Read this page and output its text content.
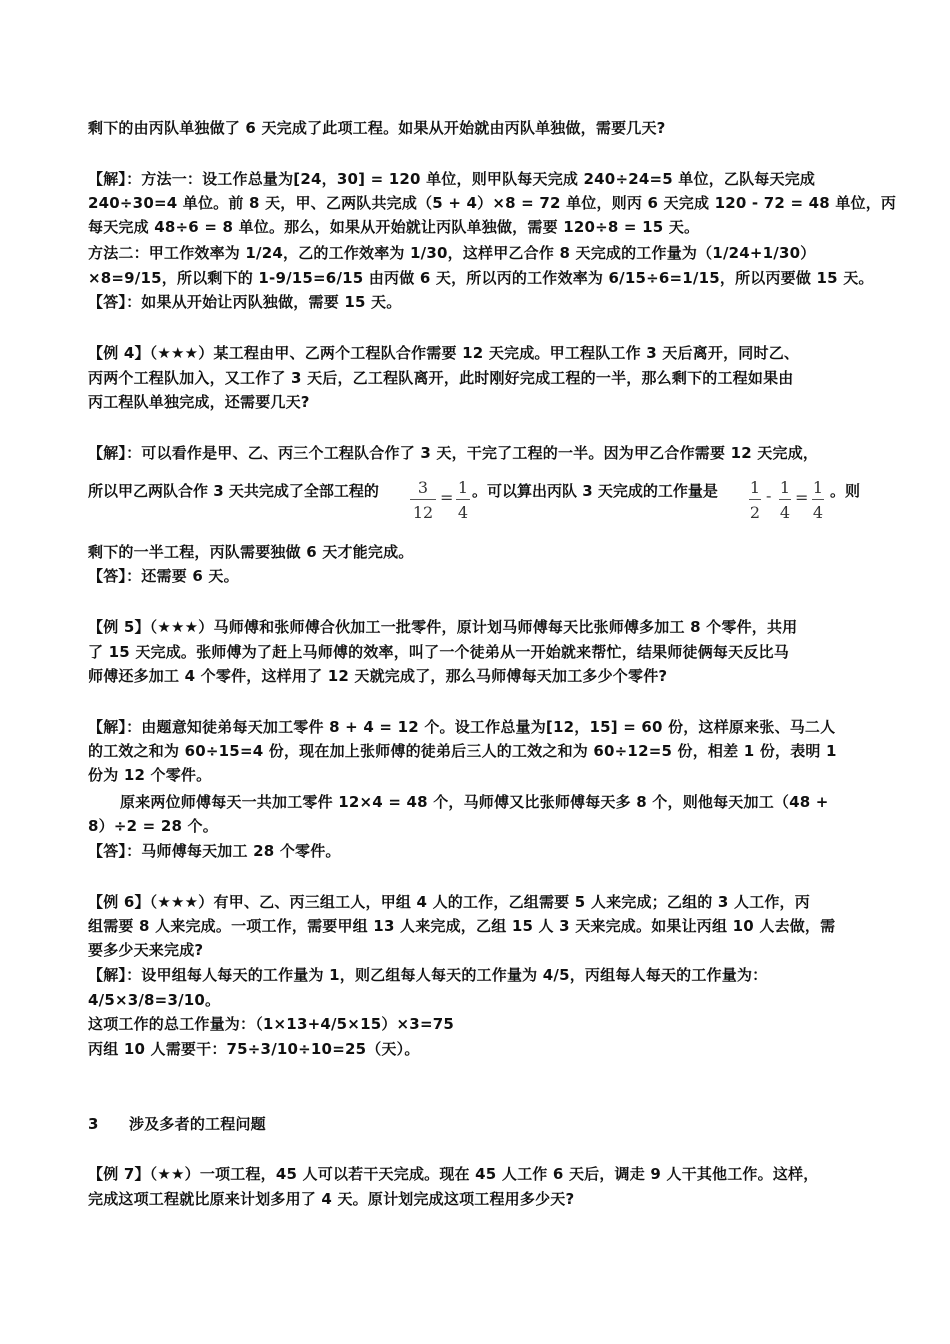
剩下的由丙队单独做了 6 天完成了此项工程。如果从开始就由丙队单独做，需要几天?
【解】：方法一：设工作总量为[24，30] = 120 单位，则甲队每天完成 240÷24=5 单位，乙队每天完成
240÷30=4 单位。前 8 天，甲、乙两队共完成（5 + 4）×8 = 72 单位，则丙 6 天完成 120 - 72 = 48 单位，丙
每天完成 48÷6 = 8 单位。那么，如果从开始就让丙队单独做，需要 120÷8 = 15 天。
方法二：甲工作效率为 1/24，乙的工作效率为 1/30，这样甲乙合作 8 天完成的工作量为（1/24+1/30）
×8=9/15，所以剩下的 1-9/15=6/15 由丙做 6 天，所以丙的工作效率为 6/15÷6=1/15，所以丙要做 15 天。
【答】：如果从开始让丙队独做，需要 15 天。
【例 4】（★★★）某工程由甲、乙两个工程队合作需要 12 天完成。甲工程队工作 3 天后离开，同时乙、
丙两个工程队加入，又工作了 3 天后，乙工程队离开，此时刚好完成工程的一半，那么剩下的工程如果由
丙工程队单独完成，还需要几天?
【解】：可以看作是甲、乙、丙三个工程队合作了 3 天，干完了工程的一半。因为甲乙合作需要 12 天完成，
所以甲乙两队合作 3 天共完成了全部工程的	3
12
=
1
4
。可以算出丙队 3 天完成的工作量是 1
2
- 1
4
=
1
4
。则
剩下的一半工程，丙队需要独做 6 天才能完成。
【答】：还需要 6 天。
【例 5】（★★★）马师傅和张师傅合伙加工一批零件，原计划马师傅每天比张师傅多加工 8 个零件，共用
了 15 天完成。张师傅为了赶上马师傅的效率，叫了一个徒弟从一开始就来帮忙，结果师徒俩每天反比马
师傅还多加工 4 个零件，这样用了 12 天就完成了，那么马师傅每天加工多少个零件?
【解】：由题意知徒弟每天加工零件 8 + 4 = 12 个。设工作总量为[12，15] = 60 份，这样原来张、马二人
的工效之和为 60÷15=4 份，现在加上张师傅的徒弟后三人的工效之和为 60÷12=5 份，相差 1 份，表明 1
份为 12 个零件。
原来两位师傅每天一共加工零件 12×4 = 48 个，马师傅又比张师傅每天多 8 个，则他每天加工（48 +
8）÷2 = 28 个。
【答】：马师傅每天加工 28 个零件。
【例 6】（★★★）有甲、乙、丙三组工人，甲组 4 人的工作，乙组需要 5 人来完成；乙组的 3 人工作，丙
组需要 8 人来完成。一项工作，需要甲组 13 人来完成，乙组 15 人 3 天来完成。如果让丙组 10 人去做，需
要多少天来完成?
【解】：设甲组每人每天的工作量为 1，则乙组每人每天的工作量为 4/5，丙组每人每天的工作量为：
4/5×3/8=3/10。
这项工作的总工作量为：（1×13+4/5×15）×3=75
丙组 10 人需要干：75÷3/10÷10=25（天）。
3　　涉及多者的工程问题
【例 7】（★★）一项工程，45 人可以若干天完成。现在 45 人工作 6 天后，调走 9 人干其他工作。这样，
完成这项工程就比原来计划多用了 4 天。原计划完成这项工程用多少天?
